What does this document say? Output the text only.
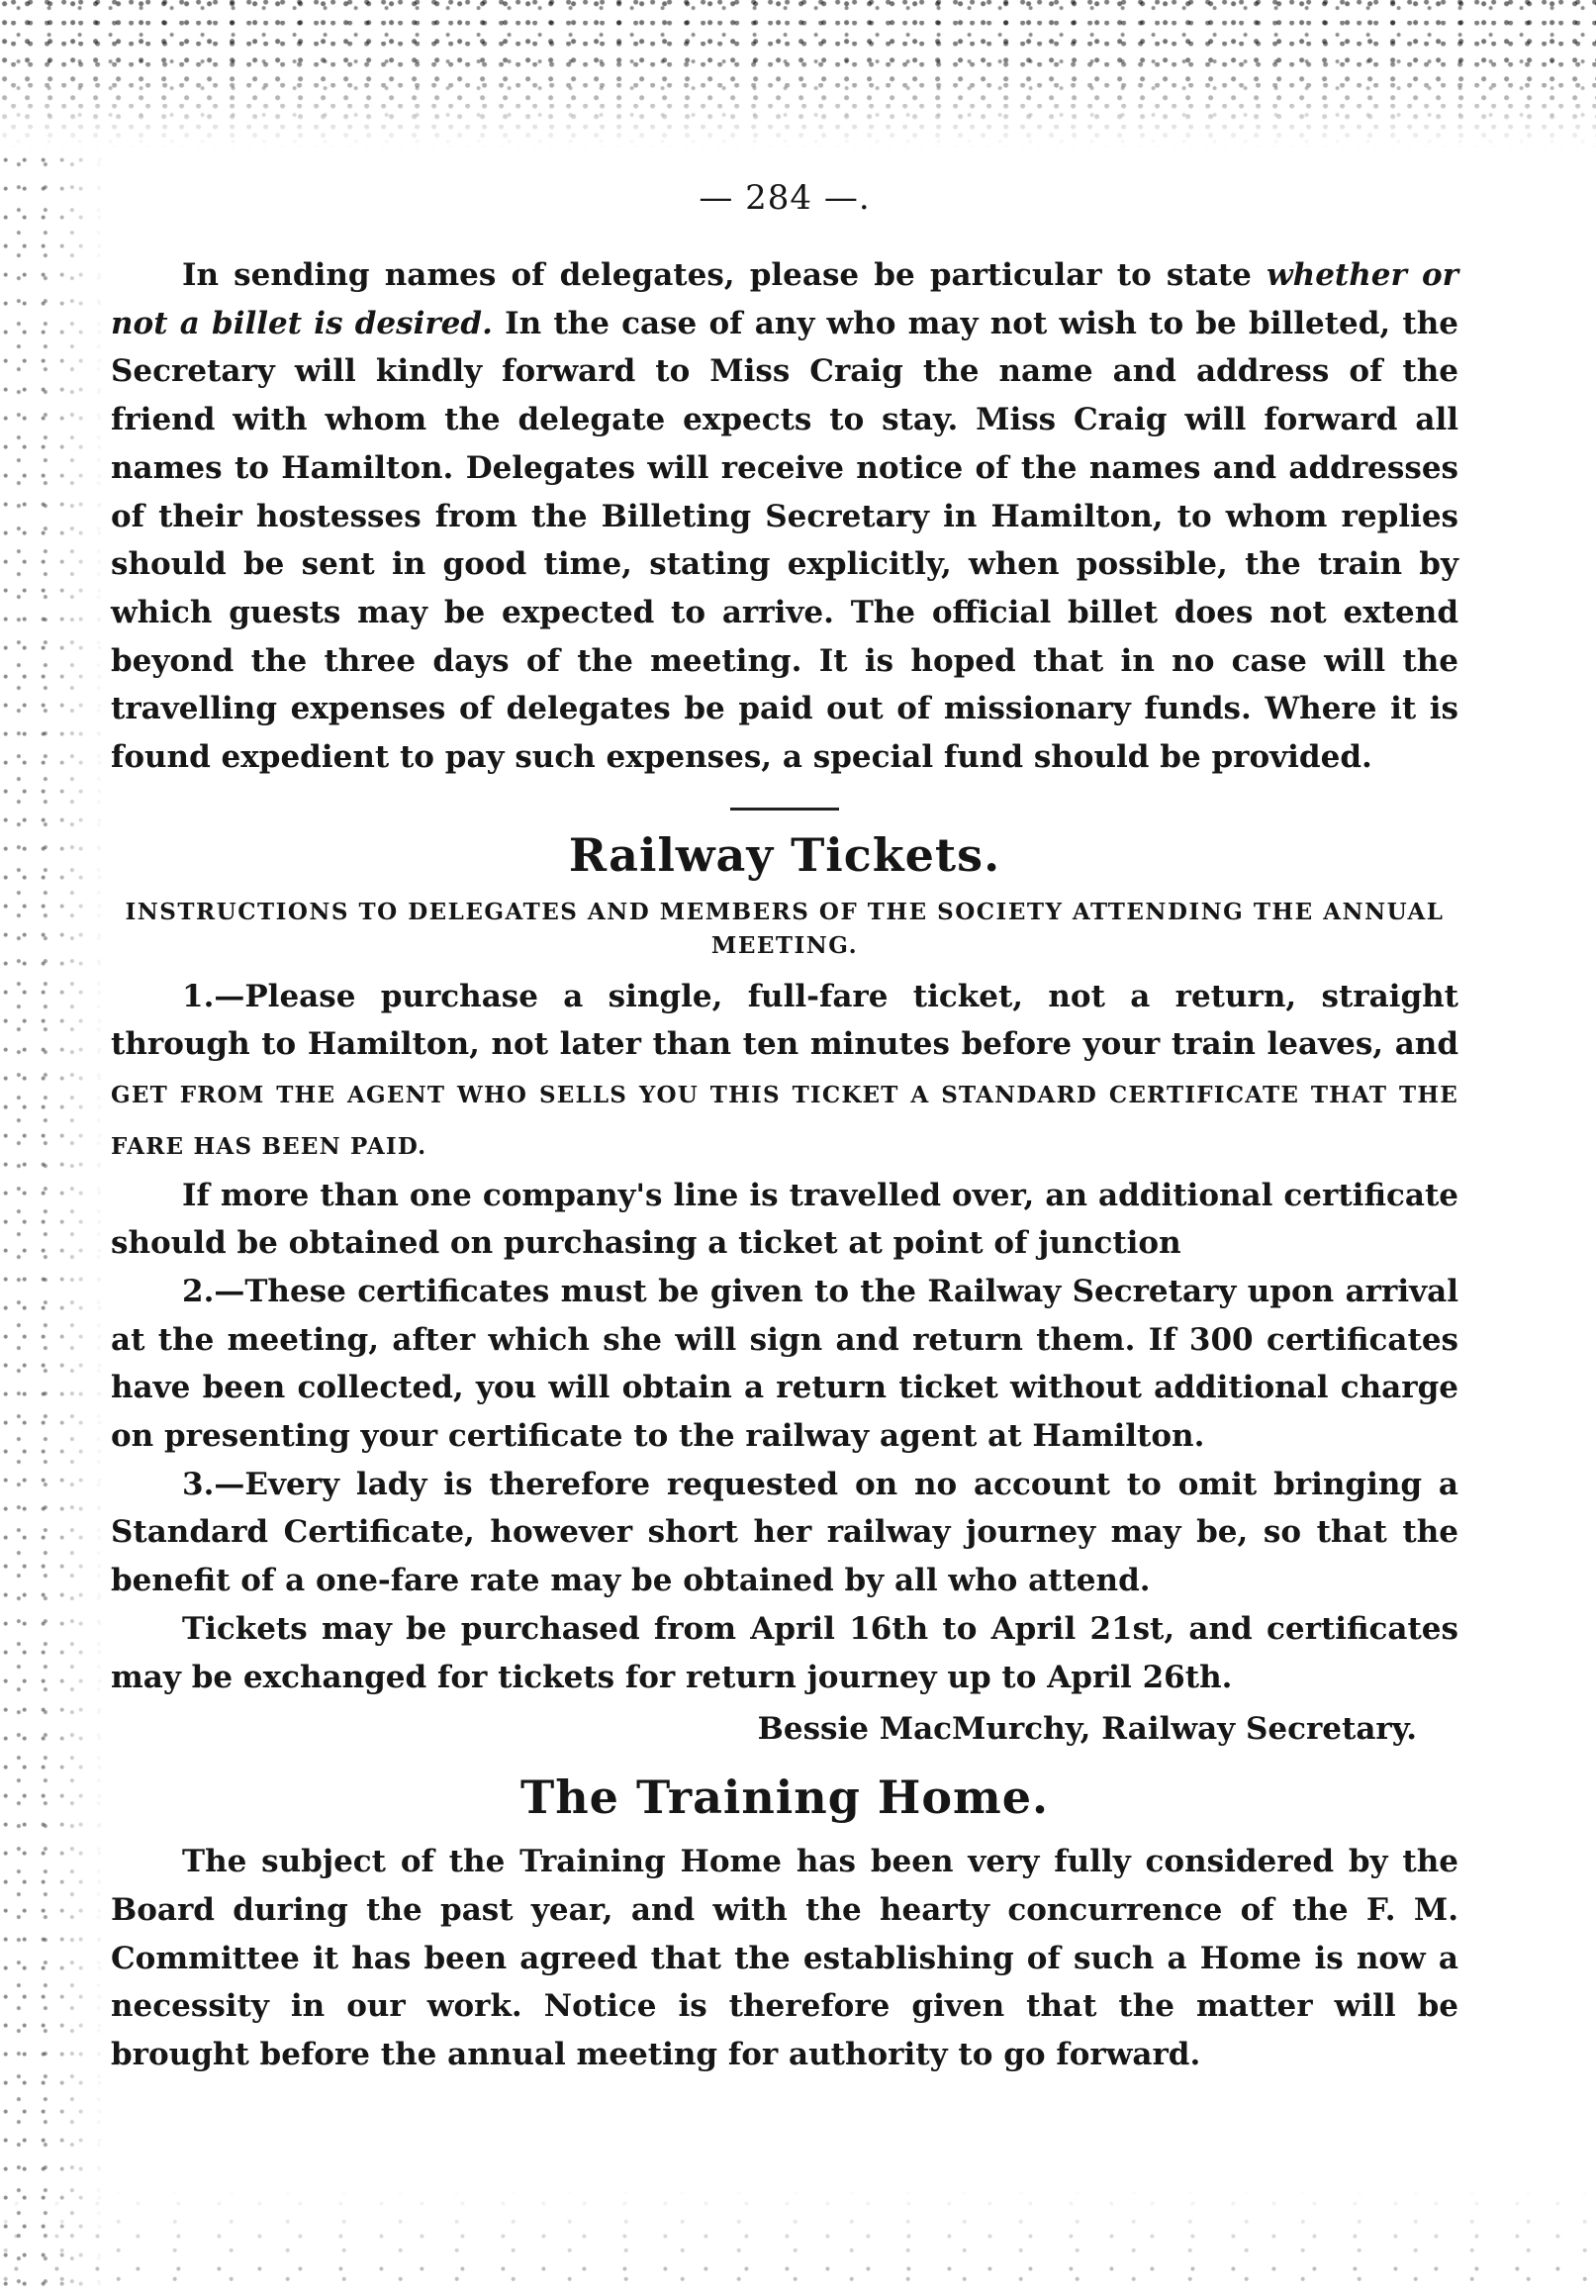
— 284 —.

In sending names of delegates, please be particular to state whether or not a billet is desired. In the case of any who may not wish to be billeted, the Secretary will kindly forward to Miss Craig the name and address of the friend with whom the delegate expects to stay. Miss Craig will forward all names to Hamilton. Delegates will receive notice of the names and addresses of their hostesses from the Billeting Secretary in Hamilton, to whom replies should be sent in good time, stating explicitly, when possible, the train by which guests may be expected to arrive. The official billet does not extend beyond the three days of the meeting. It is hoped that in no case will the travelling expenses of delegates be paid out of missionary funds. Where it is found expedient to pay such expenses, a special fund should be provided.

Railway Tickets.
INSTRUCTIONS TO DELEGATES AND MEMBERS OF THE SOCIETY ATTENDING THE ANNUAL MEETING.

1.—Please purchase a single, full-fare ticket, not a return, straight through to Hamilton, not later than ten minutes before your train leaves, and GET FROM THE AGENT WHO SELLS YOU THIS TICKET A STANDARD CERTIFICATE THAT THE FARE HAS BEEN PAID.

If more than one company's line is travelled over, an additional certificate should be obtained on purchasing a ticket at point of junction

2.—These certificates must be given to the Railway Secretary upon arrival at the meeting, after which she will sign and return them. If 300 certificates have been collected, you will obtain a return ticket without additional charge on presenting your certificate to the railway agent at Hamilton.

3.—Every lady is therefore requested on no account to omit bringing a Standard Certificate, however short her railway journey may be, so that the benefit of a one-fare rate may be obtained by all who attend.

Tickets may be purchased from April 16th to April 21st, and certificates may be exchanged for tickets for return journey up to April 26th.

Bessie MacMurchy, Railway Secretary.
The Training Home.

The subject of the Training Home has been very fully considered by the Board during the past year, and with the hearty concurrence of the F. M. Committee it has been agreed that the establishing of such a Home is now a necessity in our work. Notice is therefore given that the matter will be brought before the annual meeting for authority to go forward.
